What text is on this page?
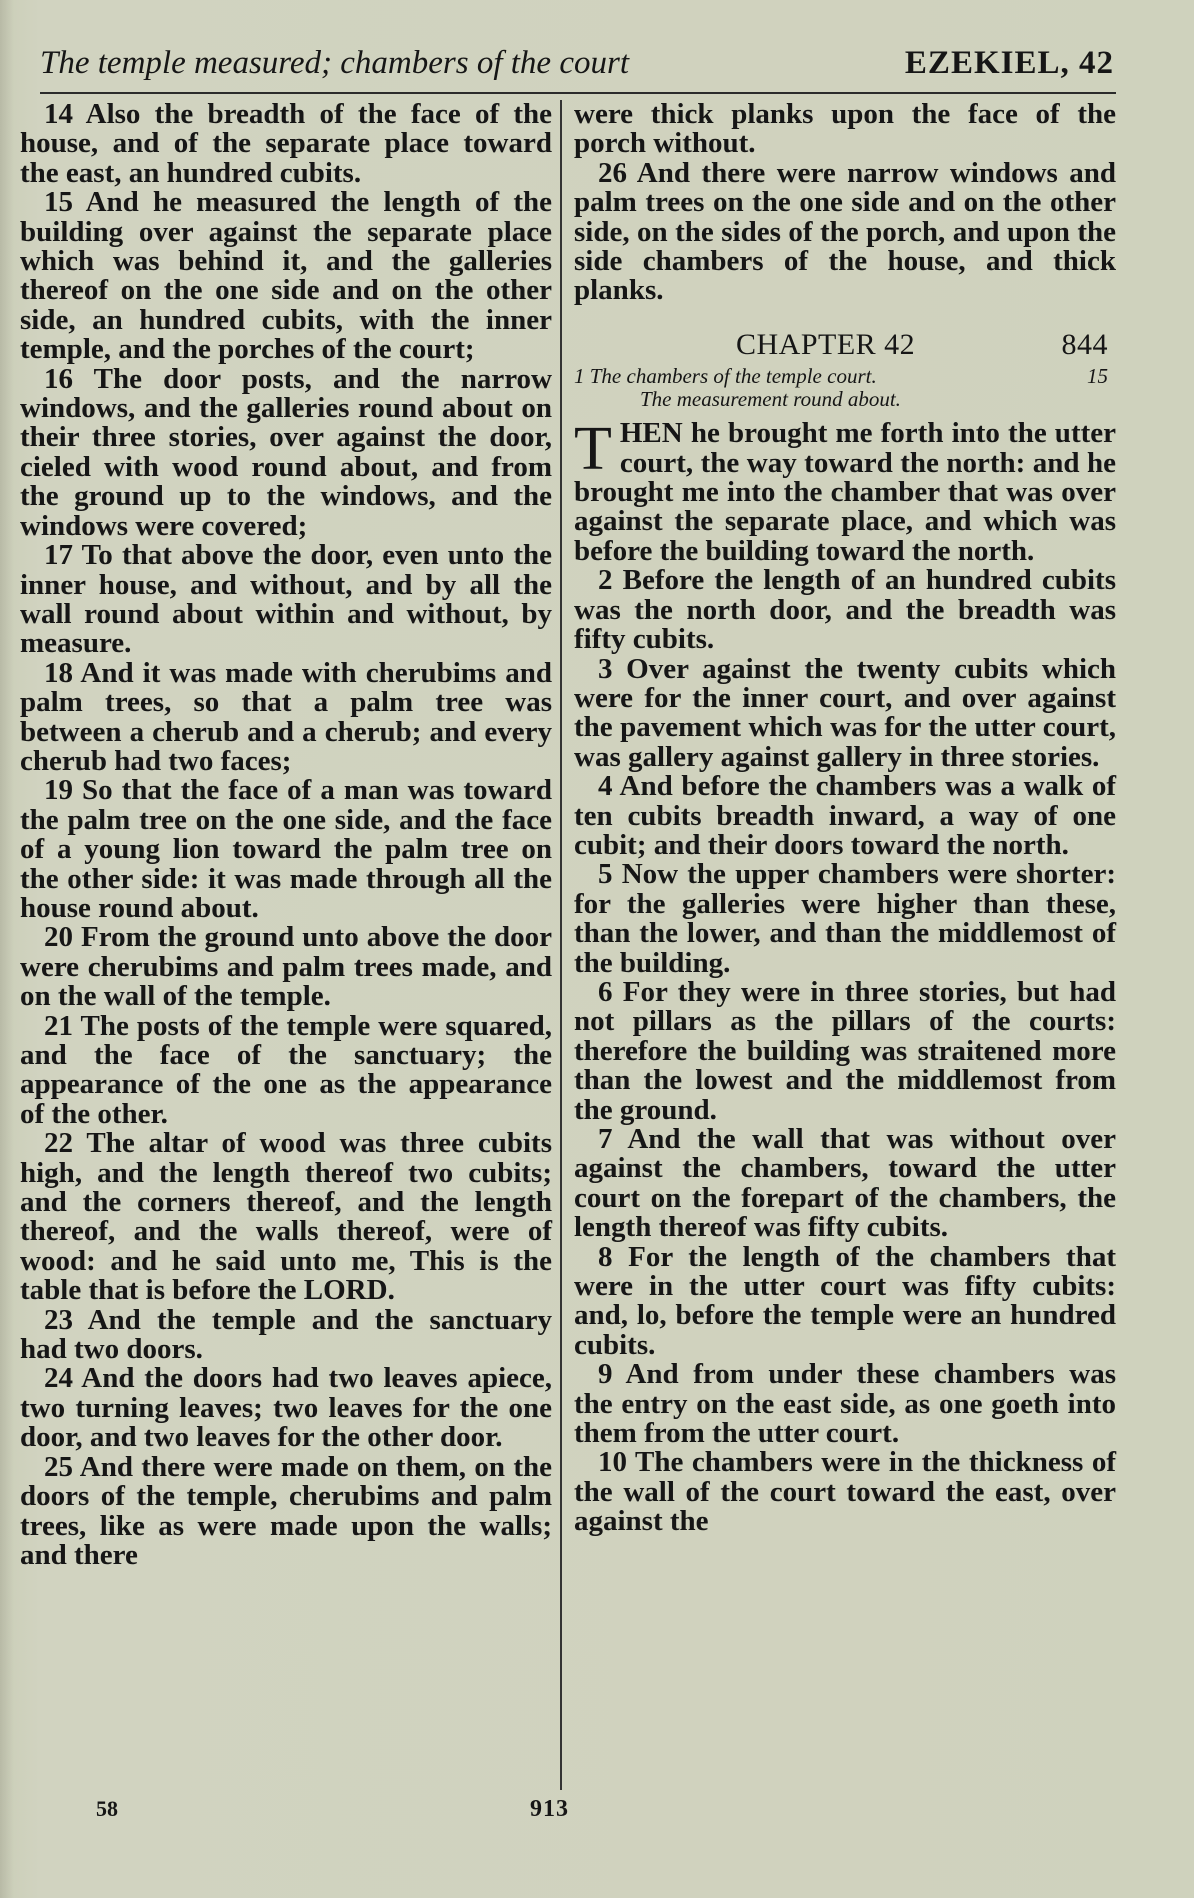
The temple measured; chambers of the court	EZEKIEL, 42

14 Also the breadth of the face of the house, and of the separate place toward the east, an hundred cubits.

15 And he measured the length of the building over against the separate place which was behind it, and the galleries thereof on the one side and on the other side, an hundred cubits, with the inner temple, and the porches of the court;

16 The door posts, and the narrow windows, and the galleries round about on their three stories, over against the door, cieled with wood round about, and from the ground up to the windows, and the windows were covered;

17 To that above the door, even unto the inner house, and without, and by all the wall round about within and without, by measure.

18 And it was made with cherubims and palm trees, so that a palm tree was between a cherub and a cherub; and every cherub had two faces;

19 So that the face of a man was toward the palm tree on the one side, and the face of a young lion toward the palm tree on the other side: it was made through all the house round about.

20 From the ground unto above the door were cherubims and palm trees made, and on the wall of the temple.

21 The posts of the temple were squared, and the face of the sanctuary; the appearance of the one as the appearance of the other.

22 The altar of wood was three cubits high, and the length thereof two cubits; and the corners thereof, and the length thereof, and the walls thereof, were of wood: and he said unto me, This is the table that is before the LORD.

23 And the temple and the sanctuary had two doors.

24 And the doors had two leaves apiece, two turning leaves; two leaves for the one door, and two leaves for the other door.

25 And there were made on them, on the doors of the temple, cherubims and palm trees, like as were made upon the walls; and there

were thick planks upon the face of the porch without.

26 And there were narrow windows and palm trees on the one side and on the other side, on the sides of the porch, and upon the side chambers of the house, and thick planks.

CHAPTER 42	844
1 The chambers of the temple court.	15
The measurement round about.

THEN he brought me forth into the utter court, the way toward the north: and he brought me into the chamber that was over against the separate place, and which was before the building toward the north.

2 Before the length of an hundred cubits was the north door, and the breadth was fifty cubits.

3 Over against the twenty cubits which were for the inner court, and over against the pavement which was for the utter court, was gallery against gallery in three stories.

4 And before the chambers was a walk of ten cubits breadth inward, a way of one cubit; and their doors toward the north.

5 Now the upper chambers were shorter: for the galleries were higher than these, than the lower, and than the middlemost of the building.

6 For they were in three stories, but had not pillars as the pillars of the courts: therefore the building was straitened more than the lowest and the middlemost from the ground.

7 And the wall that was without over against the chambers, toward the utter court on the forepart of the chambers, the length thereof was fifty cubits.

8 For the length of the chambers that were in the utter court was fifty cubits: and, lo, before the temple were an hundred cubits.

9 And from under these chambers was the entry on the east side, as one goeth into them from the utter court.

10 The chambers were in the thickness of the wall of the court toward the east, over against the

58	913
